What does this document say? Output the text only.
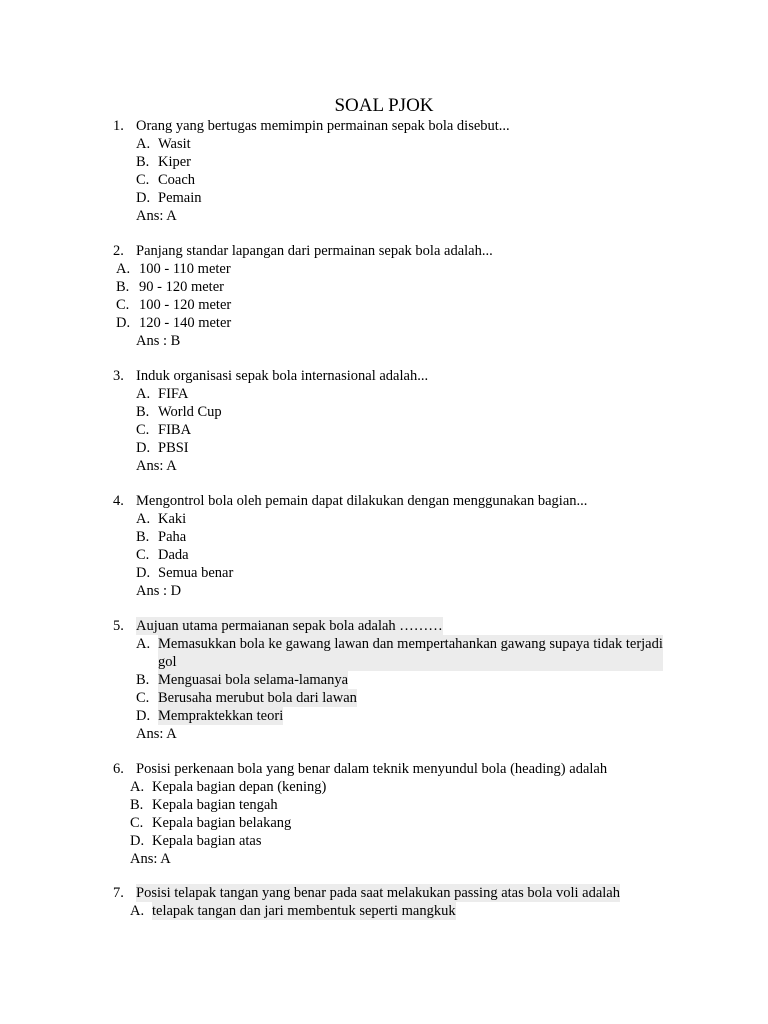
SOAL PJOK
1. Orang yang bertugas memimpin permainan sepak bola disebut...
A. Wasit
B. Kiper
C. Coach
D. Pemain
Ans: A
2. Panjang standar lapangan dari permainan sepak bola adalah...
A. 100 - 110 meter
B. 90 - 120 meter
C. 100 - 120 meter
D. 120 - 140 meter
Ans : B
3. Induk organisasi sepak bola internasional adalah...
A. FIFA
B. World Cup
C. FIBA
D. PBSI
Ans: A
4. Mengontrol bola oleh pemain dapat dilakukan dengan menggunakan bagian...
A. Kaki
B. Paha
C. Dada
D. Semua benar
Ans : D
5. Aujuan utama permaianan sepak bola adalah ………
A. Memasukkan bola ke gawang lawan dan mempertahankan gawang supaya tidak terjadi gol
B. Menguasai bola selama-lamanya
C. Berusaha merubut bola dari lawan
D. Mempraktekkan teori
Ans: A
6. Posisi perkenaan bola yang benar dalam teknik menyundul bola (heading) adalah
A. Kepala bagian depan (kening)
B. Kepala bagian tengah
C. Kepala bagian belakang
D. Kepala bagian atas
Ans: A
7. Posisi telapak tangan yang benar pada saat melakukan passing atas bola voli adalah
A. telapak tangan dan jari membentuk seperti mangkuk
